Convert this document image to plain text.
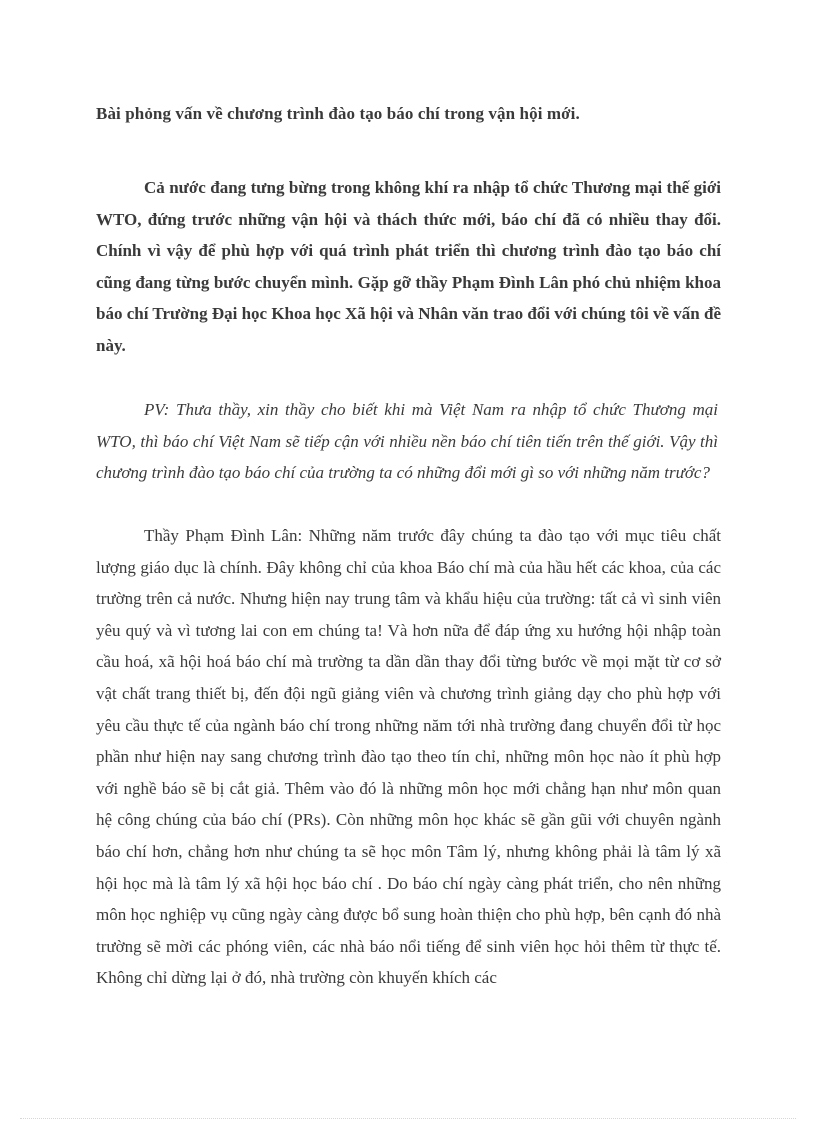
Bài phỏng vấn về chương trình đào tạo báo chí trong vận hội mới.

Cả nước đang tưng bừng trong không khí ra nhập tổ chức Thương mại thế giới WTO, đứng trước những vận hội và thách thức mới, báo chí đã có nhiều thay đổi. Chính vì vậy để phù hợp với quá trình phát triển thì chương trình đào tạo báo chí cũng đang từng bước chuyển mình. Gặp gỡ thầy Phạm Đình Lân phó chủ nhiệm khoa báo chí Trường Đại học Khoa học Xã hội và Nhân văn trao đổi với chúng tôi về vấn đề này.

PV: Thưa thầy, xin thầy cho biết khi mà Việt Nam ra nhập tổ chức Thương mại WTO, thì báo chí Việt Nam sẽ tiếp cận với nhiều nền báo chí tiên tiến trên thế giới. Vậy thì chương trình đào tạo báo chí của trường ta có những đổi mới gì so với những năm trước?

Thầy Phạm Đình Lân: Những năm trước đây chúng ta đào tạo với mục tiêu chất lượng giáo dục là chính. Đây không chỉ của khoa Báo chí mà của hầu hết các khoa, của các trường trên cả nước. Nhưng hiện nay trung tâm và khẩu hiệu của trường: tất cả vì sinh viên yêu quý và vì tương lai con em chúng ta! Và hơn nữa để đáp ứng xu hướng hội nhập toàn cầu hoá, xã hội hoá báo chí mà trường ta dần dần thay đổi từng bước về mọi mặt từ cơ sở vật chất trang thiết bị, đến đội ngũ giảng viên và chương trình giảng dạy cho phù hợp với yêu cầu thực tế của ngành báo chí trong những năm tới nhà trường đang chuyển đổi từ học phần như hiện nay sang chương trình đào tạo theo tín chỉ, những môn học nào ít phù hợp với nghề báo sẽ bị cắt giả. Thêm vào đó là những môn học mới chẳng hạn như môn quan hệ công chúng của báo chí (PRs). Còn những môn học khác sẽ gần gũi với chuyên ngành báo chí hơn, chẳng hơn như chúng ta sẽ học môn Tâm lý, nhưng không phải là tâm lý xã hội học mà là tâm lý xã hội học báo chí . Do báo chí ngày càng phát triển, cho nên những môn học nghiệp vụ cũng ngày càng được bổ sung hoàn thiện cho phù hợp, bên cạnh đó nhà trường sẽ mời các phóng viên, các nhà báo nổi tiếng để sinh viên học hỏi thêm từ thực tế. Không chỉ dừng lại ở đó, nhà trường còn khuyến khích các
